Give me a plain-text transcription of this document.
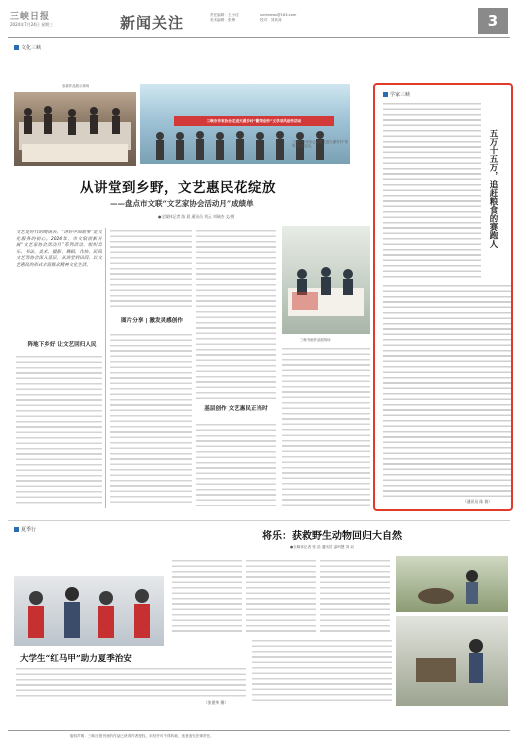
三峡日报
2024年7月24日 星期三	新闻关注	责任编辑：王小佳
美术编辑：张博
sxrbnews@163.com
校对：刘其涛	3
文化三峡
参赛作品展示现场
三峡市作家协会走进天湖乡村“繁荣创作”文学采风创作活动
三峡市作家协会会员走进天湖乡村“采风”创作活动。
从讲堂到乡野，文艺惠民花绽放
——盘点市文联“文艺家协会活动月”成绩单
●全媒体记者 陈 晨 通讯员 刘云 刘瑞杰 文/图
文艺是时代的晴雨表，“讲好中国故事”是文化服务的初心。2024年，市文联创新开展“文艺家协会活动月”系列活动，组织音乐、书法、美术、摄影、舞蹈、作协、民间文艺等协会深入基层，从讲堂到田间，以文艺惠民的形式丰富群众精神文化生活。
阵地下乡好 让文艺回归人民
图片分享 | 激发灵感创作
基层创作 文艺惠民正当时
三峡书画作品展现场
学家三峡
五万十五万，追赶粮食的赛跑人
（通讯员 陈 倩）
夏季行
将乐：获救野生动物回归大自然
●全媒体记者 张 浩 通讯员 邵珂慧 刘 双
大学生“红马甲”助力夏季治安
（张建华 摄）
版权声明：三峡日报刊登的作品已获得作者授权，未经许可不得转载，违者追究法律责任。
